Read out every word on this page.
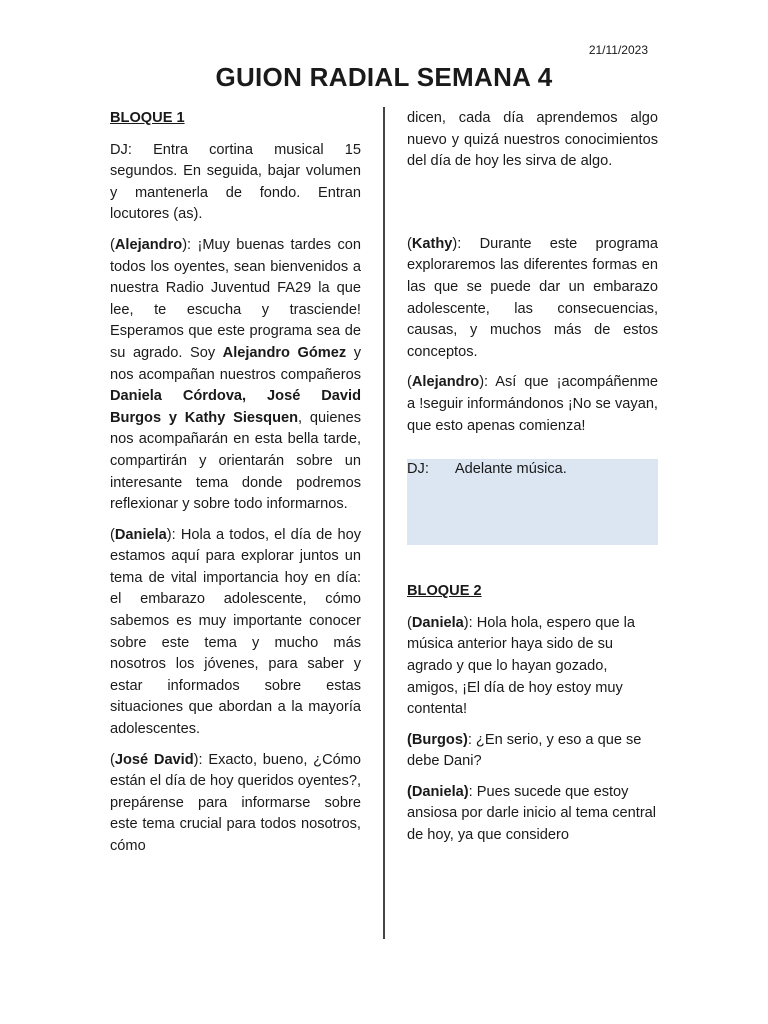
21/11/2023
GUION RADIAL SEMANA 4

BLOQUE 1

DJ: Entra cortina musical 15 segundos. En seguida, bajar volumen y mantenerla de fondo. Entran locutores (as).

(Alejandro): ¡Muy buenas tardes con todos los oyentes, sean bienvenidos a nuestra Radio Juventud FA29 la que lee, te escucha y trasciende! Esperamos que este programa sea de su agrado. Soy Alejandro Gómez y nos acompañan nuestros compañeros Daniela Córdova, José David Burgos y Kathy Siesquen, quienes nos acompañarán en esta bella tarde, compartirán y orientarán sobre un interesante tema donde podremos reflexionar y sobre todo informarnos.

(Daniela): Hola a todos, el día de hoy estamos aquí para explorar juntos un tema de vital importancia hoy en día: el embarazo adolescente, cómo sabemos es muy importante conocer sobre este tema y mucho más nosotros los jóvenes, para saber y estar informados sobre estas situaciones que abordan a la mayoría adolescentes.

(José David): Exacto, bueno, ¿Cómo están el día de hoy queridos oyentes?, prepárense para informarse sobre este tema crucial para todos nosotros, cómo

dicen, cada día aprendemos algo nuevo y quizá nuestros conocimientos del día de hoy les sirva de algo.

(Kathy): Durante este programa exploraremos las diferentes formas en las que se puede dar un embarazo adolescente, las consecuencias, causas, y muchos más de estos conceptos.

(Alejandro): Así que ¡acompáñenme a !seguir informándonos ¡No se vayan, que esto apenas comienza!

DJ: Adelante música.

BLOQUE 2

(Daniela): Hola hola, espero que la música anterior haya sido de su agrado y que lo hayan gozado, amigos, ¡El día de hoy estoy muy contenta!

(Burgos): ¿En serio, y eso a que se debe Dani?

(Daniela): Pues sucede que estoy ansiosa por darle inicio al tema central de hoy, ya que considero
